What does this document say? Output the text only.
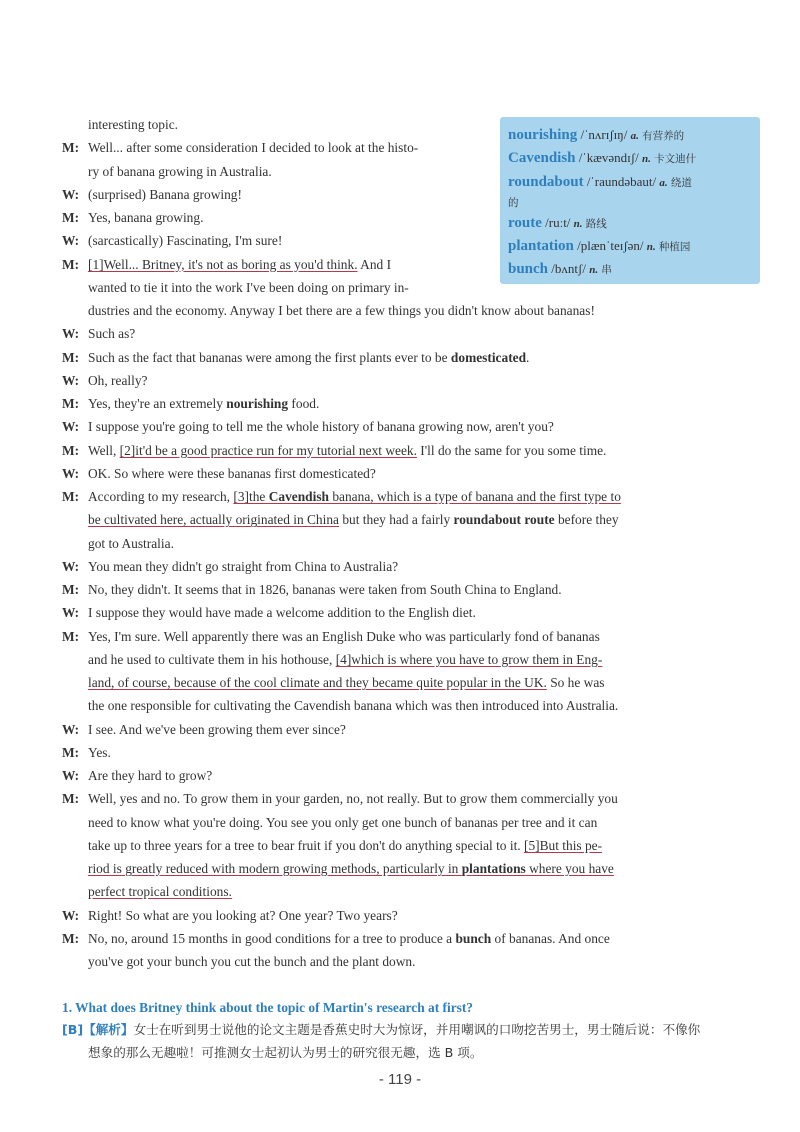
interesting topic.
M: Well... after some consideration I decided to look at the histo-
ry of banana growing in Australia.
W: (surprised) Banana growing!
M: Yes, banana growing.
W: (sarcastically) Fascinating, I'm sure!
M: [1]Well... Britney, it's not as boring as you'd think. And I
wanted to tie it into the work I've been doing on primary in-
dustries and the economy. Anyway I bet there are a few things you didn't know about bananas!
W: Such as?
M: Such as the fact that bananas were among the first plants ever to be domesticated.
W: Oh, really?
M: Yes, they're an extremely nourishing food.
W: I suppose you're going to tell me the whole history of banana growing now, aren't you?
M: Well, [2]it'd be a good practice run for my tutorial next week. I'll do the same for you some time.
W: OK. So where were these bananas first domesticated?
M: According to my research, [3]the Cavendish banana, which is a type of banana and the first type to
be cultivated here, actually originated in China but they had a fairly roundabout route before they
got to Australia.
W: You mean they didn't go straight from China to Australia?
M: No, they didn't. It seems that in 1826, bananas were taken from South China to England.
W: I suppose they would have made a welcome addition to the English diet.
M: Yes, I'm sure. Well apparently there was an English Duke who was particularly fond of bananas
and he used to cultivate them in his hothouse, [4]which is where you have to grow them in Eng-
land, of course, because of the cool climate and they became quite popular in the UK. So he was
the one responsible for cultivating the Cavendish banana which was then introduced into Australia.
W: I see. And we've been growing them ever since?
M: Yes.
W: Are they hard to grow?
M: Well, yes and no. To grow them in your garden, no, not really. But to grow them commercially you
need to know what you're doing. You see you only get one bunch of bananas per tree and it can
take up to three years for a tree to bear fruit if you don't do anything special to it. [5]But this pe-
riod is greatly reduced with modern growing methods, particularly in plantations where you have
perfect tropical conditions.
W: Right! So what are you looking at? One year? Two years?
M: No, no, around 15 months in good conditions for a tree to produce a bunch of bananas. And once
you've got your bunch you cut the bunch and the plant down.
nourishing /ˈnʌrɪʃɪŋ/ a. 有营养的
Cavendish /ˈkævəndɪʃ/ n. 卡文迪什
roundabout /ˈraundəbaut/ a. 绕道
的
route /ruːt/ n. 路线
plantation /plænˈteɪʃən/ n. 种植园
bunch /bʌntʃ/ n. 串
1. What does Britney think about the topic of Martin's research at first?
[B]【解析】女士在听到男士说他的论文主题是香蕉史时大为惊讶，并用嘲讽的口吻挖苦男士，男士随后说：不像你
想象的那么无趣啦！可推测女士起初认为男士的研究很无趣，选 B 项。
- 119 -
